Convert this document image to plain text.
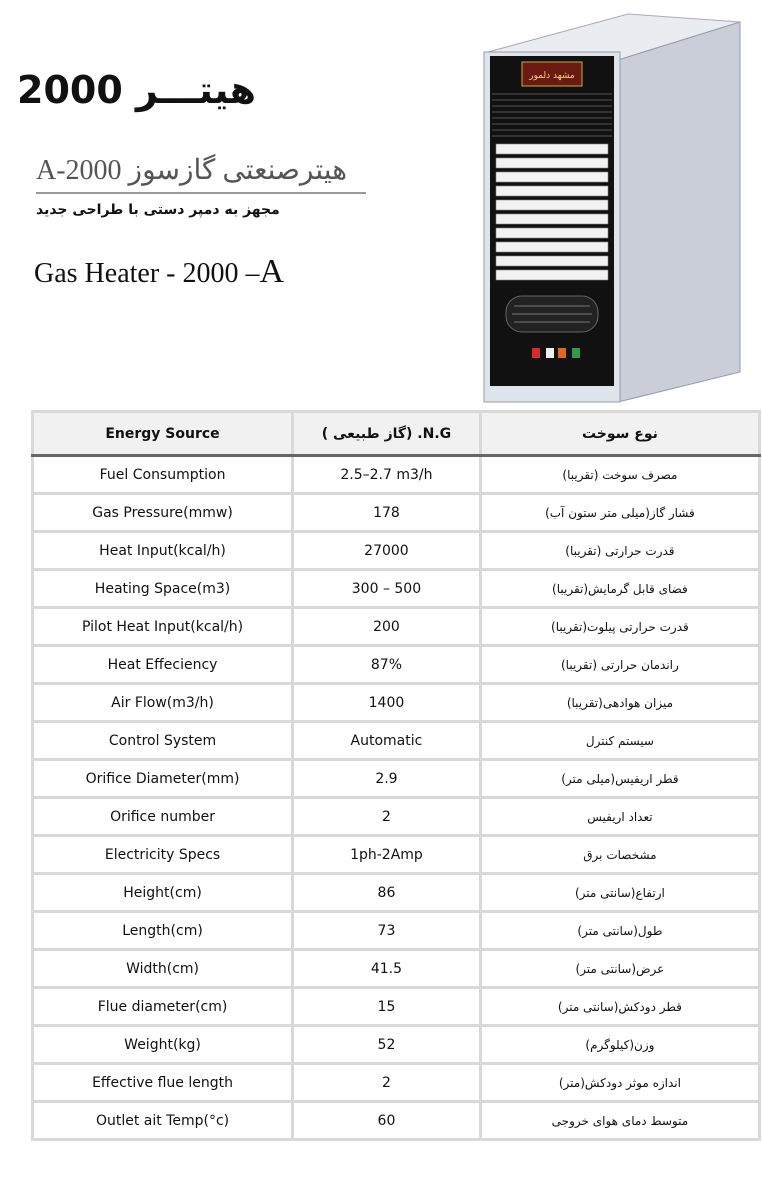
هیتـــر 2000
A-2000 هیترصنعتی گازسوز
مجهز به دمپر دستی با طراحی جدید
Gas Heater - 2000 –A
مشهد دلمور
Energy Source	N.G. (گاز طبیعی )	نوع سوخت
Fuel Consumption	2.5–2.7 m3/h	مصرف سوخت (تقریبا)
Gas Pressure(mmw)	178	فشار گاز(میلی متر ستون آب)
Heat Input(kcal/h)	27000	قدرت حرارتی (تقریبا)
Heating Space(m3)	300 – 500	فضای قابل گرمایش(تقریبا)
Pilot Heat Input(kcal/h)	200	قدرت حرارتی پیلوت(تقریبا)
Heat Effeciency	87%	راندمان حرارتی (تقریبا)
Air Flow(m3/h)	1400	میزان هوادهی(تقریبا)
Control System	Automatic	سیستم کنترل
Orifice Diameter(mm)	2.9	قطر اریفیس(میلی متر)
Orifice number	2	تعداد اریفیس
Electricity Specs	1ph-2Amp	مشخصات برق
Height(cm)	86	ارتفاع(سانتی متر)
Length(cm)	73	طول(سانتی متر)
Width(cm)	41.5	عرض(سانتی متر)
Flue diameter(cm)	15	قطر دودکش(سانتی متر)
Weight(kg)	52	وزن(کیلوگرم)
Effective flue length	2	اندازه موثر دودکش(متر)
Outlet ait Temp(°c)	60	متوسط دمای هوای خروجی
